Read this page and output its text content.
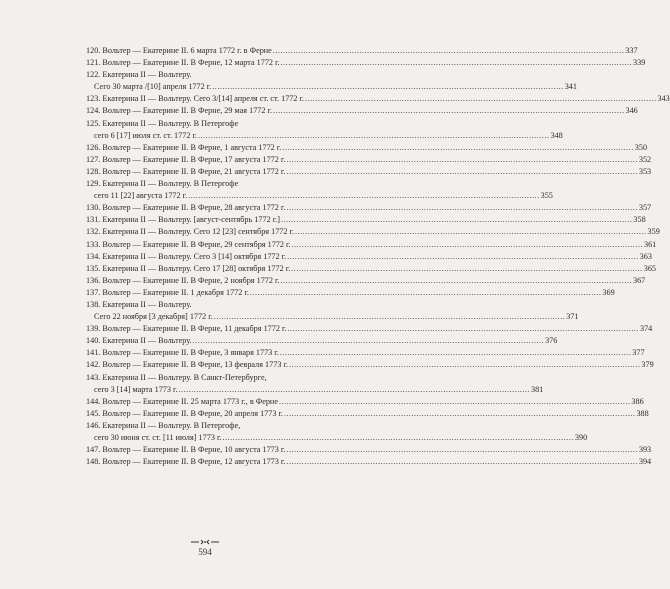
120. Вольтер — Екатерине II. 6 марта 1772 г. в Ферне .....	337
121. Вольтер — Екатерине II. В Ферне, 12 марта 1772 г. .....	339
122. Екатерина II — Вольтеру.
Сего 30 марта /[10] апреля 1772 г. .....	341
123. Екатерина II — Вольтеру. Сего 3/[14] апреля ст. ст. 1772 г. .....	343
124. Вольтер — Екатерине II. В Ферне, 29 мая 1772 г. .....	346
125. Екатерина II — Вольтеру. В Петергофе
сего 6 [17] июля ст. ст. 1772 г. .....	348
126. Вольтер — Екатерине II. В Ферне, 1 августа 1772 г. .....	350
127. Вольтер — Екатерине II. В Ферне, 17 августа 1772 г. .....	352
128. Вольтер — Екатерине II. В Ферне, 21 августа 1772 г. .....	353
129. Екатерина II — Вольтеру. В Петергофе
сего 11 [22] августа 1772 г. .....	355
130. Вольтер — Екатерине II. В Ферне, 28 августа 1772 г. .....	357
131. Екатерина II — Вольтеру. [август-сентябрь 1772 г.] .....	358
132. Екатерина II — Вольтеру. Сего 12 [23] сентября 1772 г. .....	359
133. Вольтер — Екатерине II. В Ферне, 29 сентября 1772 г. .....	361
134. Екатерина II — Вольтеру. Сего 3 [14] октября 1772 г. .....	363
135. Екатерина II — Вольтеру. Сего 17 [28] октября 1772 г. .....	365
136. Вольтер — Екатерине II. В Ферне, 2 ноября 1772 г. .....	367
137. Вольтер — Екатерине II. 1 декабря 1772 г. .....	369
138. Екатерина II — Вольтеру.
Сего 22 ноября [3 декабря] 1772 г. .....	371
139. Вольтер — Екатерине II. В Ферне, 11 декабря 1772 г. .....	374
140. Екатерина II — Вольтеру. .....	376
141. Вольтер — Екатерине II. В Ферне, 3 января 1773 г. .....	377
142. Вольтер — Екатерине II. В Ферне, 13 февраля 1773 г. .....	379
143. Екатерина II — Вольтеру. В Санкт-Петербурге,
сего 3 [14] марта 1773 г. .....	381
144. Вольтер — Екатерине II. 25 марта 1773 г., в Ферне .....	386
145. Вольтер — Екатерине II. В Ферне, 20 апреля 1773 г. .....	388
146. Екатерина II — Вольтеру. В Петергофе,
сего 30 июня ст. ст. [11 июля] 1773 г. .....	390
147. Вольтер — Екатерине II. В Ферне, 10 августа 1773 г. .....	393
148. Вольтер — Екатерине II. В Ферне, 12 августа 1773 г. .....	394
594
